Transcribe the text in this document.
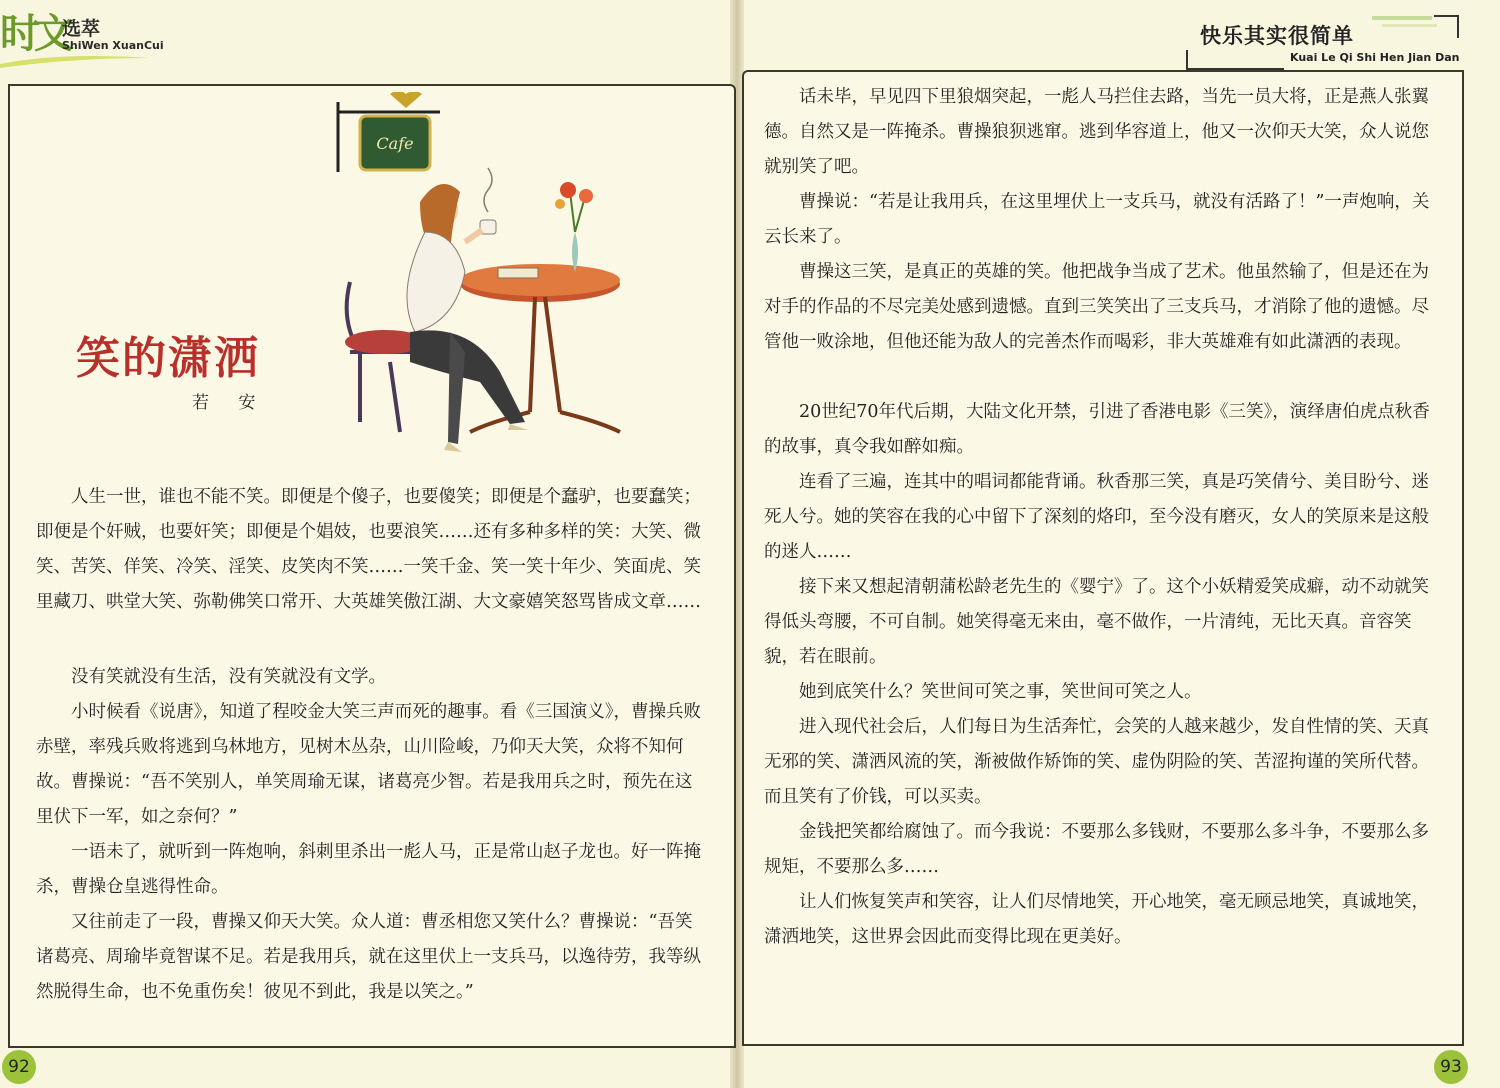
时文
选萃
ShiWen XuanCui	快乐其实很简单
Kuai Le Qi Shi Hen Jian Dan
Cafe
笑的潇洒
若 安
　　人生一世，谁也不能不笑。即便是个傻子，也要傻笑；即便是个蠢驴，也要蠢笑；即便是个奸贼，也要奸笑；即便是个娼妓，也要浪笑……还有多种多样的笑：大笑、微笑、苦笑、佯笑、冷笑、淫笑、皮笑肉不笑……一笑千金、笑一笑十年少、笑面虎、笑里藏刀、哄堂大笑、弥勒佛笑口常开、大英雄笑傲江湖、大文豪嬉笑怒骂皆成文章……
　　没有笑就没有生活，没有笑就没有文学。
　　小时候看《说唐》，知道了程咬金大笑三声而死的趣事。看《三国演义》，曹操兵败赤壁，率残兵败将逃到乌林地方，见树木丛杂，山川险峻，乃仰天大笑，众将不知何故。曹操说：“吾不笑别人，单笑周瑜无谋，诸葛亮少智。若是我用兵之时，预先在这里伏下一军，如之奈何？”
　　一语未了，就听到一阵炮响，斜刺里杀出一彪人马，正是常山赵子龙也。好一阵掩杀，曹操仓皇逃得性命。
　　又往前走了一段，曹操又仰天大笑。众人道：曹丞相您又笑什么？曹操说：“吾笑诸葛亮、周瑜毕竟智谋不足。若是我用兵，就在这里伏上一支兵马，以逸待劳，我等纵然脱得生命，也不免重伤矣！彼见不到此，我是以笑之。”
　　话未毕，早见四下里狼烟突起，一彪人马拦住去路，当先一员大将，正是燕人张翼德。自然又是一阵掩杀。曹操狼狈逃窜。逃到华容道上，他又一次仰天大笑，众人说您就别笑了吧。
　　曹操说：“若是让我用兵，在这里埋伏上一支兵马，就没有活路了！”一声炮响，关云长来了。
　　曹操这三笑，是真正的英雄的笑。他把战争当成了艺术。他虽然输了，但是还在为对手的作品的不尽完美处感到遗憾。直到三笑笑出了三支兵马，才消除了他的遗憾。尽管他一败涂地，但他还能为敌人的完善杰作而喝彩，非大英雄难有如此潇洒的表现。
　　20世纪70年代后期，大陆文化开禁，引进了香港电影《三笑》，演绎唐伯虎点秋香的故事，真令我如醉如痴。
　　连看了三遍，连其中的唱词都能背诵。秋香那三笑，真是巧笑倩兮、美目盼兮、迷死人兮。她的笑容在我的心中留下了深刻的烙印，至今没有磨灭，女人的笑原来是这般的迷人……
　　接下来又想起清朝蒲松龄老先生的《婴宁》了。这个小妖精爱笑成癖，动不动就笑得低头弯腰，不可自制。她笑得毫无来由，毫不做作，一片清纯，无比天真。音容笑貌，若在眼前。
　　她到底笑什么？笑世间可笑之事，笑世间可笑之人。
　　进入现代社会后，人们每日为生活奔忙，会笑的人越来越少，发自性情的笑、天真无邪的笑、潇洒风流的笑，渐被做作矫饰的笑、虚伪阴险的笑、苦涩拘谨的笑所代替。而且笑有了价钱，可以买卖。
　　金钱把笑都给腐蚀了。而今我说：不要那么多钱财，不要那么多斗争，不要那么多规矩，不要那么多……
　　让人们恢复笑声和笑容，让人们尽情地笑，开心地笑，毫无顾忌地笑，真诚地笑，潇洒地笑，这世界会因此而变得比现在更美好。
92	93
